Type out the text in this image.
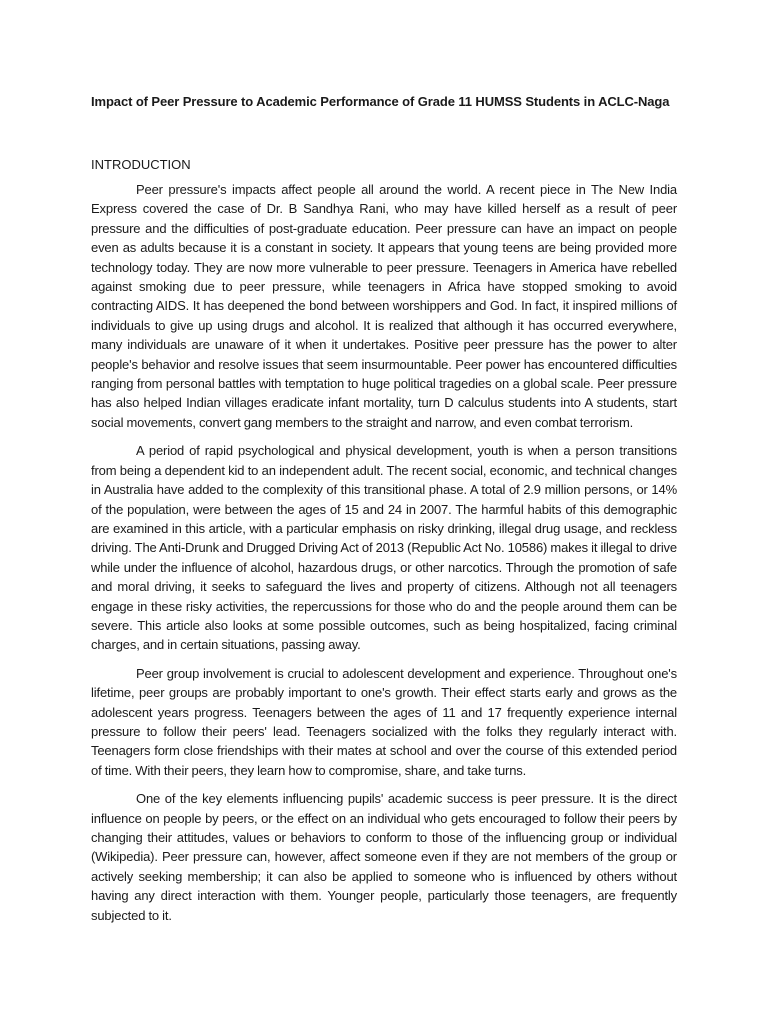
Impact of Peer Pressure to Academic Performance of Grade 11 HUMSS Students in ACLC-Naga
INTRODUCTION

Peer pressure's impacts affect people all around the world. A recent piece in The New India Express covered the case of Dr. B Sandhya Rani, who may have killed herself as a result of peer pressure and the difficulties of post-graduate education. Peer pressure can have an impact on people even as adults because it is a constant in society. It appears that young teens are being provided more technology today. They are now more vulnerable to peer pressure. Teenagers in America have rebelled against smoking due to peer pressure, while teenagers in Africa have stopped smoking to avoid contracting AIDS. It has deepened the bond between worshippers and God. In fact, it inspired millions of individuals to give up using drugs and alcohol. It is realized that although it has occurred everywhere, many individuals are unaware of it when it undertakes. Positive peer pressure has the power to alter people's behavior and resolve issues that seem insurmountable. Peer power has encountered difficulties ranging from personal battles with temptation to huge political tragedies on a global scale. Peer pressure has also helped Indian villages eradicate infant mortality, turn D calculus students into A students, start social movements, convert gang members to the straight and narrow, and even combat terrorism.

A period of rapid psychological and physical development, youth is when a person transitions from being a dependent kid to an independent adult. The recent social, economic, and technical changes in Australia have added to the complexity of this transitional phase. A total of 2.9 million persons, or 14% of the population, were between the ages of 15 and 24 in 2007. The harmful habits of this demographic are examined in this article, with a particular emphasis on risky drinking, illegal drug usage, and reckless driving. The Anti-Drunk and Drugged Driving Act of 2013 (Republic Act No. 10586) makes it illegal to drive while under the influence of alcohol, hazardous drugs, or other narcotics. Through the promotion of safe and moral driving, it seeks to safeguard the lives and property of citizens. Although not all teenagers engage in these risky activities, the repercussions for those who do and the people around them can be severe. This article also looks at some possible outcomes, such as being hospitalized, facing criminal charges, and in certain situations, passing away.

Peer group involvement is crucial to adolescent development and experience. Throughout one's lifetime, peer groups are probably important to one's growth. Their effect starts early and grows as the adolescent years progress. Teenagers between the ages of 11 and 17 frequently experience internal pressure to follow their peers' lead. Teenagers socialized with the folks they regularly interact with. Teenagers form close friendships with their mates at school and over the course of this extended period of time. With their peers, they learn how to compromise, share, and take turns.

One of the key elements influencing pupils' academic success is peer pressure. It is the direct influence on people by peers, or the effect on an individual who gets encouraged to follow their peers by changing their attitudes, values or behaviors to conform to those of the influencing group or individual (Wikipedia). Peer pressure can, however, affect someone even if they are not members of the group or actively seeking membership; it can also be applied to someone who is influenced by others without having any direct interaction with them. Younger people, particularly those teenagers, are frequently subjected to it.
